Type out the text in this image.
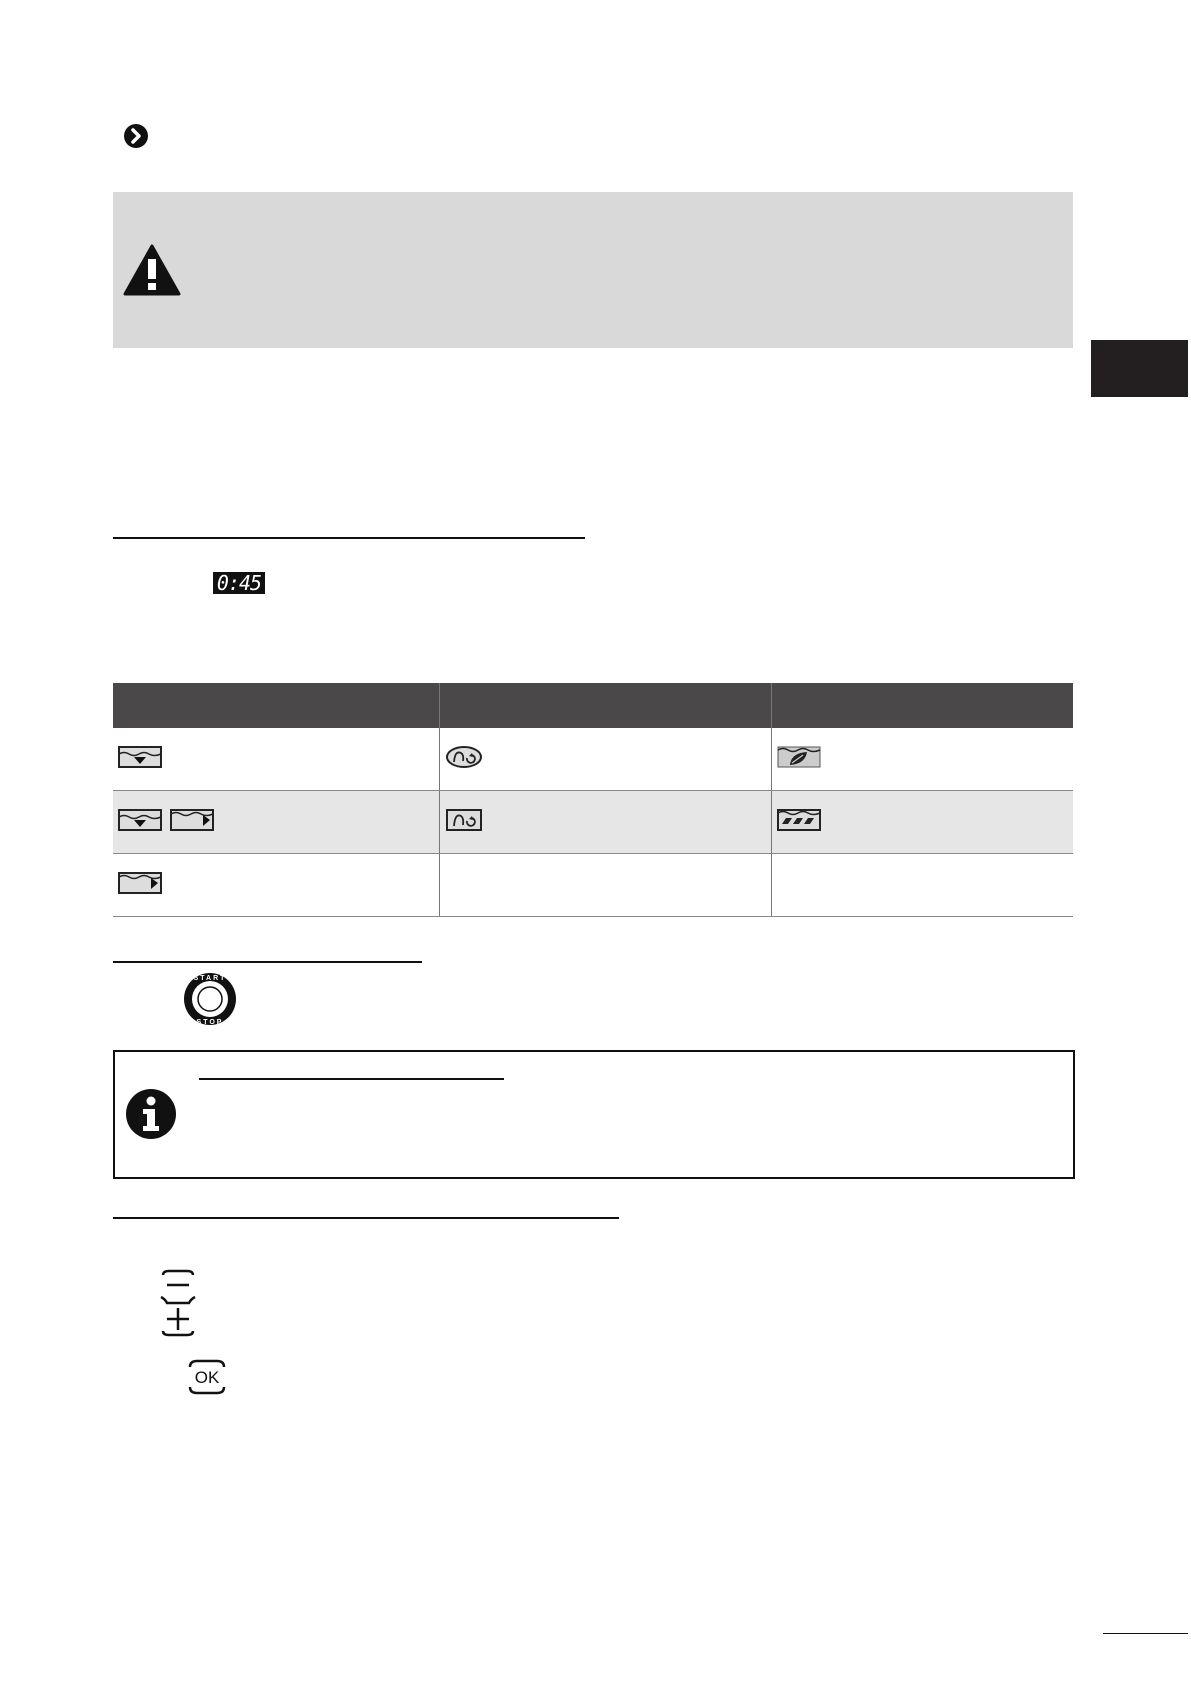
0:45

START
STOP
OK
